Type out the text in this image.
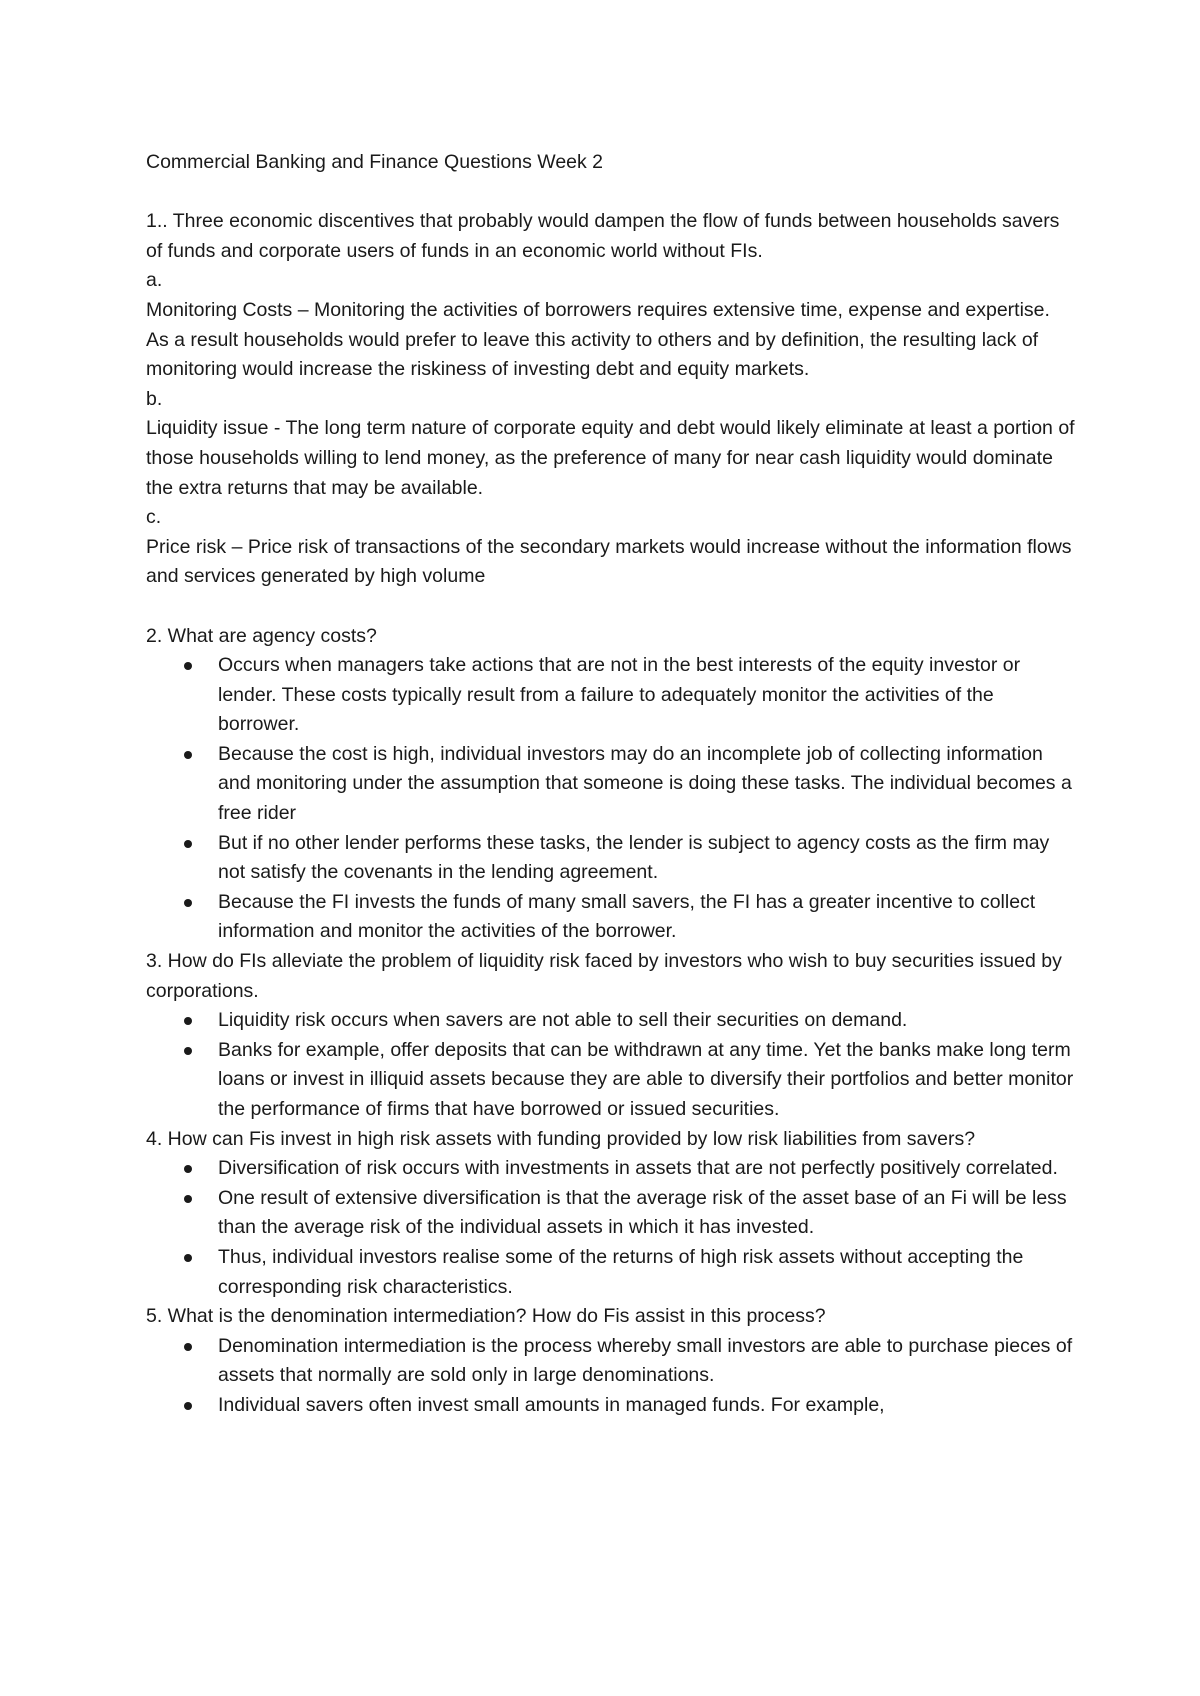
Commercial Banking and Finance Questions Week 2

1.. Three economic discentives that probably would dampen the flow of funds between households savers of funds and corporate users of funds in an economic world without FIs.

a.

Monitoring Costs – Monitoring the activities of borrowers requires extensive time, expense and expertise. As a result households would prefer to leave this activity to others and by definition, the resulting lack of monitoring would increase the riskiness of investing debt and equity markets.

b.

Liquidity issue - The long term nature of corporate equity and debt would likely eliminate at least a portion of those households willing to lend money, as the preference of many for near cash liquidity would dominate the extra returns that may be available.

c.

Price risk – Price risk of transactions of the secondary markets would increase without the information flows and services generated by high volume

2. What are agency costs?

Occurs when managers take actions that are not in the best interests of the equity investor or lender. These costs typically result from a failure to adequately monitor the activities of the borrower.
Because the cost is high, individual investors may do an incomplete job of collecting information and monitoring under the assumption that someone is doing these tasks. The individual becomes a free rider
But if no other lender performs these tasks, the lender is subject to agency costs as the firm may not satisfy the covenants in the lending agreement.
Because the FI invests the funds of many small savers, the FI has a greater incentive to collect information and monitor the activities of the borrower.

3. How do FIs alleviate the problem of liquidity risk faced by investors who wish to buy securities issued by corporations.

Liquidity risk occurs when savers are not able to sell their securities on demand.
Banks for example, offer deposits that can be withdrawn at any time. Yet the banks make long term loans or invest in illiquid assets because they are able to diversify their portfolios and better monitor the performance of firms that have borrowed or issued securities.

4. How can Fis invest in high risk assets with funding provided by low risk liabilities from savers?

Diversification of risk occurs with investments in assets that are not perfectly positively correlated.
One result of extensive diversification is that the average risk of the asset base of an Fi will be less than the average risk of the individual assets in which it has invested.
Thus, individual investors realise some of the returns of high risk assets without accepting the corresponding risk characteristics.

5. What is the denomination intermediation? How do Fis assist in this process?

Denomination intermediation is the process whereby small investors are able to purchase pieces of assets that normally are sold only in large denominations.
Individual savers often invest small amounts in managed funds. For example,
